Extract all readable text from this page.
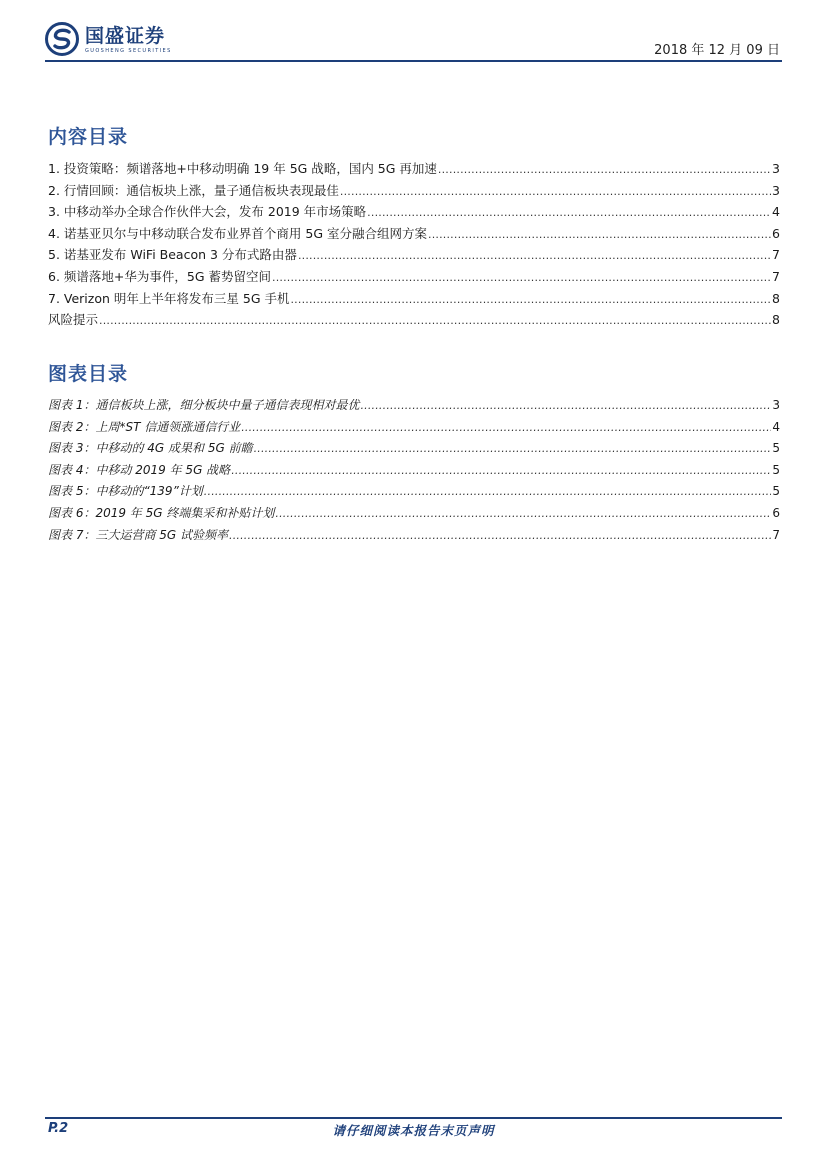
国盛证券
GUOSHENG SECURITIES	2018 年 12 月 09 日
内容目录
1. 投资策略：频谱落地+中移动明确 19 年 5G 战略，国内 5G 再加速 .....	3
2. 行情回顾：通信板块上涨，量子通信板块表现最佳 .....	3
3. 中移动举办全球合作伙伴大会，发布 2019 年市场策略 .....	4
4. 诺基亚贝尔与中移动联合发布业界首个商用 5G 室分融合组网方案 .....	6
5. 诺基亚发布 WiFi Beacon 3 分布式路由器 .....	7
6. 频谱落地+华为事件，5G 蓄势留空间 .....	7
7. Verizon 明年上半年将发布三星 5G 手机 .....	8
风险提示 .....	8
图表目录
图表 1：通信板块上涨，细分板块中量子通信表现相对最优 .....	3
图表 2：上周*ST 信通领涨通信行业 .....	4
图表 3：中移动的 4G 成果和 5G 前瞻 .....	5
图表 4：中移动 2019 年 5G 战略 .....	5
图表 5：中移动的“139”计划 .....	5
图表 6：2019 年 5G 终端集采和补贴计划 .....	6
图表 7：三大运营商 5G 试验频率 .....	7
请仔细阅读本报告末页声明
P.2
